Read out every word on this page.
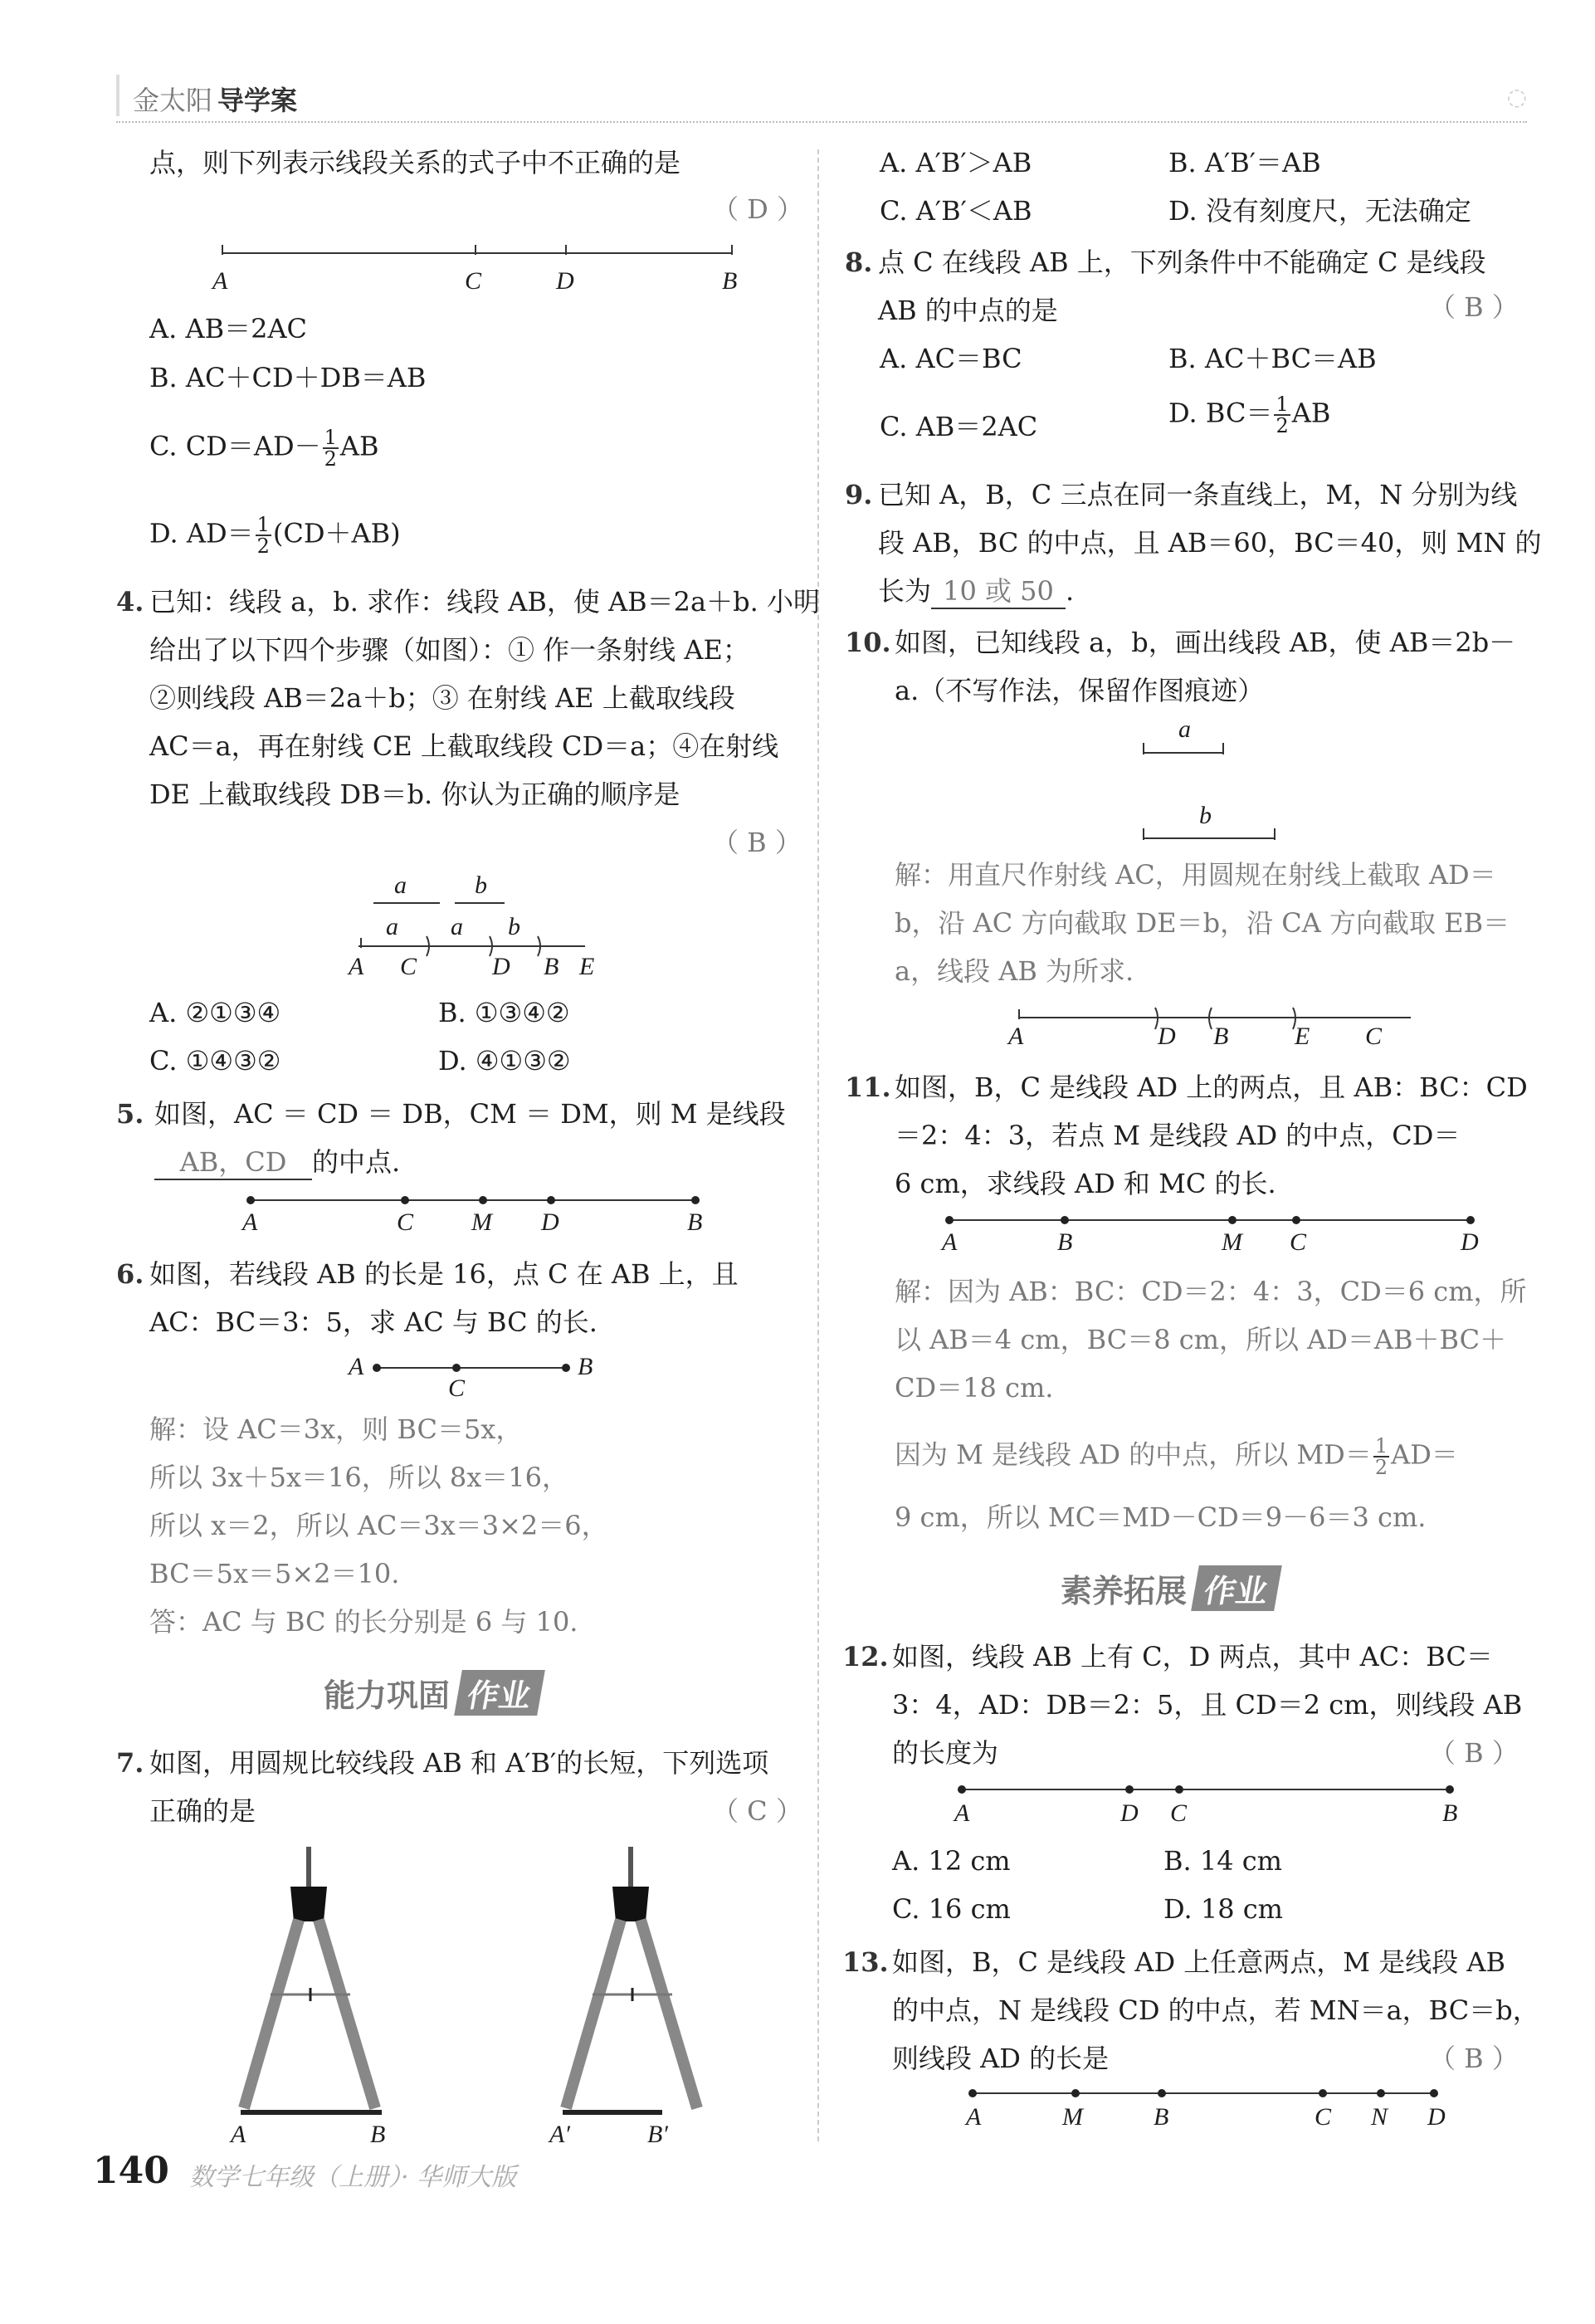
金太阳 导学案	◌
点，则下列表示线段关系的式子中不正确的是
（ D ）
A	C	D	B
A. AB＝2AC
B. AC＋CD＋DB＝AB
C. $CD=AD- \frac{1}{2}$ AB
D. $AD= \frac{1}{2} (CD+AB)$
4. 已知：线段 a，b. 求作：线段 AB，使 AB＝2a＋b. 小明
给出了以下四个步骤（如图）：① 作一条射线 AE；
②则线段 AB＝2a＋b；③ 在射线 AE 上截取线段
AC＝a，再在射线 CE 上截取线段 CD＝a；④在射线
DE 上截取线段 DB＝b. 你认为正确的顺序是
（ B ）
a	b
a a b
A C	D B E
A. ②①③④	B. ①③④②
C. ①④③②	D. ④①③②
5. 如图，AC ＝ CD ＝ DB，CM ＝ DM，则 M 是线段
AB，CD 的中点.
A	C M D	B
6. 如图，若线段 AB 的长是 16，点 C 在 AB 上，且
AC：BC＝3：5，求 AC 与 BC 的长.
A
C
B
解：设 AC＝3x，则 BC＝5x，
所以 3x＋5x＝16，所以 8x＝16，
所以 x＝2，所以 AC＝3x＝3×2＝6，
BC＝5x＝5×2＝10.
答：AC 与 BC 的长分别是 6 与 10.
能力巩固 作业
7. 如图，用圆规比较线段 AB 和 A′B′的长短，下列选项
正确的是	（ C ）
A	B	A′	B′
140 数学七年级（上册）· 华师大版
A. A′B′＞AB	B. A′B′＝AB
C. A′B′＜AB	D. 没有刻度尺，无法确定
8. 点 C 在线段 AB 上，下列条件中不能确定 C 是线段
AB 的中点的是	（ B ）
A. AC＝BC	B. AC＋BC＝AB
C. AB＝2AC	D. $BC= \frac{1}{2}$ AB
9. 已知 A，B，C 三点在同一条直线上，M，N 分别为线
段 AB，BC 的中点，且 AB＝60，BC＝40，则 MN 的
长为 10 或 50 .
10. 如图，已知线段 a，b，画出线段 AB，使 AB＝2b－
a.（不写作法，保留作图痕迹）
a
b
解：用直尺作射线 AC，用圆规在射线上截取 AD＝
b，沿 AC 方向截取 DE＝b，沿 CA 方向截取 EB＝
a，线段 AB 为所求.
A	D B	E C
11. 如图，B，C 是线段 AD 上的两点，且 AB：BC：CD
＝2：4：3，若点 M 是线段 AD 的中点，CD＝
6 cm，求线段 AD 和 MC 的长.
A	B	M C	D
解：因为 AB：BC：CD＝2：4：3，CD＝6 cm，所
以 AB＝4 cm，BC＝8 cm，所以 AD＝AB＋BC＋
CD＝18 cm.
因为 M 是线段 AD 的中点，所以 $MD= \frac{1}{2} AD=$
9 cm，所以 MC＝MD－CD＝9－6＝3 cm.
素养拓展 作业
12. 如图，线段 AB 上有 C，D 两点，其中 AC：BC＝
3：4，AD：DB＝2：5，且 CD＝2 cm，则线段 AB
的长度为	（ B ）
A	D C	B
A. 12 cm	B. 14 cm
C. 16 cm	D. 18 cm
13. 如图，B，C 是线段 AD 上任意两点，M 是线段 AB
的中点，N 是线段 CD 的中点，若 MN＝a，BC＝b，
则线段 AD 的长是	（ B ）
A	M	B	C N D
